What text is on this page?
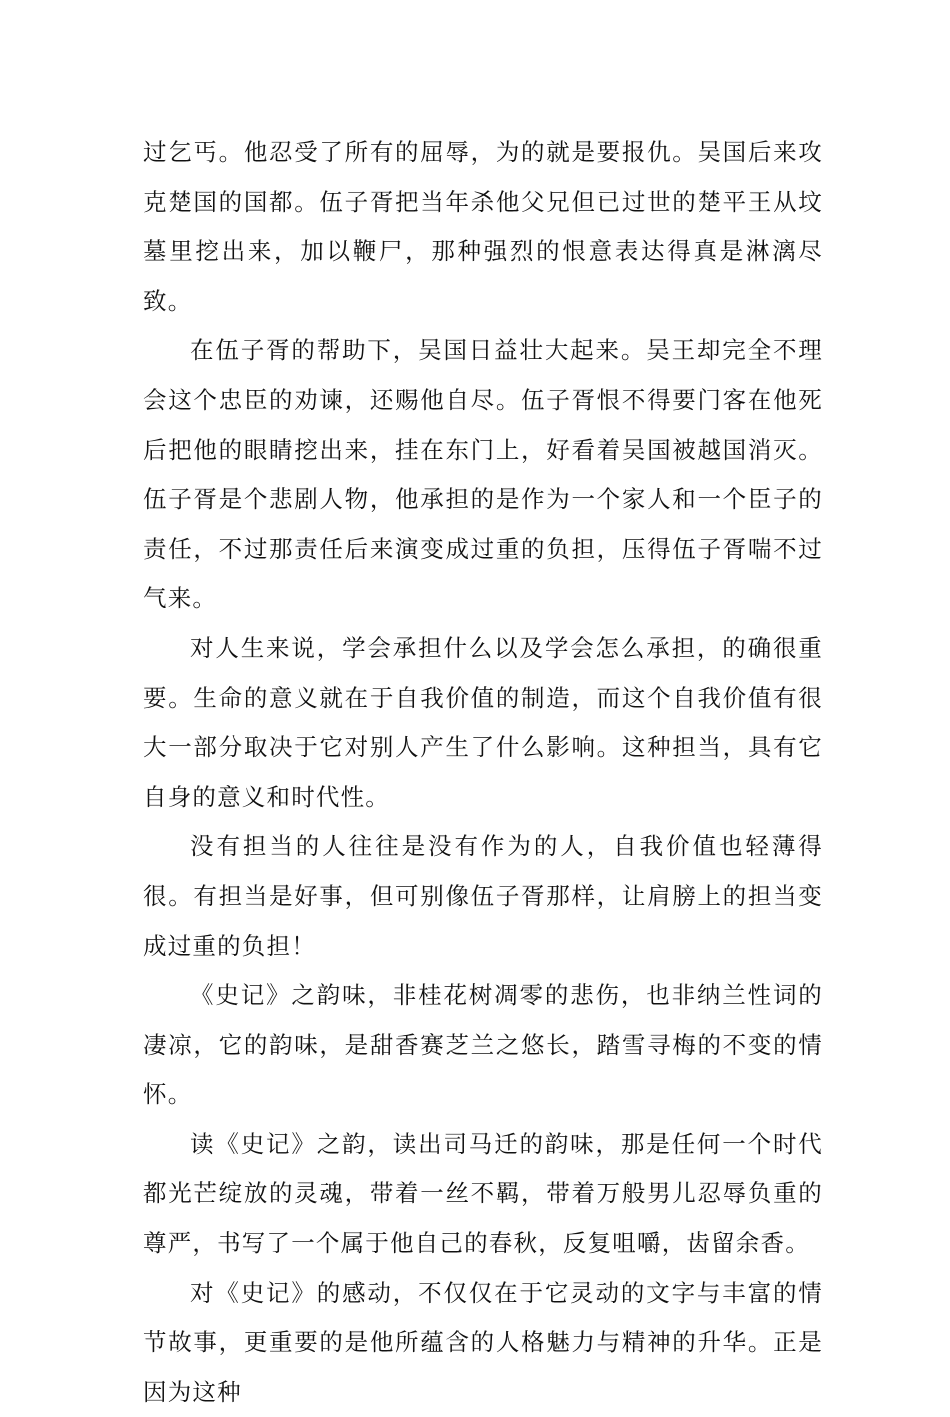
过乞丐。他忍受了所有的屈辱，为的就是要报仇。吴国后来攻克楚国的国都。伍子胥把当年杀他父兄但已过世的楚平王从坟墓里挖出来，加以鞭尸，那种强烈的恨意表达得真是淋漓尽致。

在伍子胥的帮助下，吴国日益壮大起来。吴王却完全不理会这个忠臣的劝谏，还赐他自尽。伍子胥恨不得要门客在他死后把他的眼睛挖出来，挂在东门上，好看着吴国被越国消灭。伍子胥是个悲剧人物，他承担的是作为一个家人和一个臣子的责任，不过那责任后来演变成过重的负担，压得伍子胥喘不过气来。

对人生来说，学会承担什么以及学会怎么承担，的确很重要。生命的意义就在于自我价值的制造，而这个自我价值有很大一部分取决于它对别人产生了什么影响。这种担当，具有它自身的意义和时代性。

没有担当的人往往是没有作为的人，自我价值也轻薄得很。有担当是好事，但可别像伍子胥那样，让肩膀上的担当变成过重的负担！

《史记》之韵味，非桂花树凋零的悲伤，也非纳兰性词的凄凉，它的韵味，是甜香赛芝兰之悠长，踏雪寻梅的不变的情怀。

读《史记》之韵，读出司马迁的韵味，那是任何一个时代都光芒绽放的灵魂，带着一丝不羁，带着万般男儿忍辱负重的尊严，书写了一个属于他自己的春秋，反复咀嚼，齿留余香。

对《史记》的感动，不仅仅在于它灵动的文字与丰富的情节故事，更重要的是他所蕴含的人格魅力与精神的升华。正是因为这种
